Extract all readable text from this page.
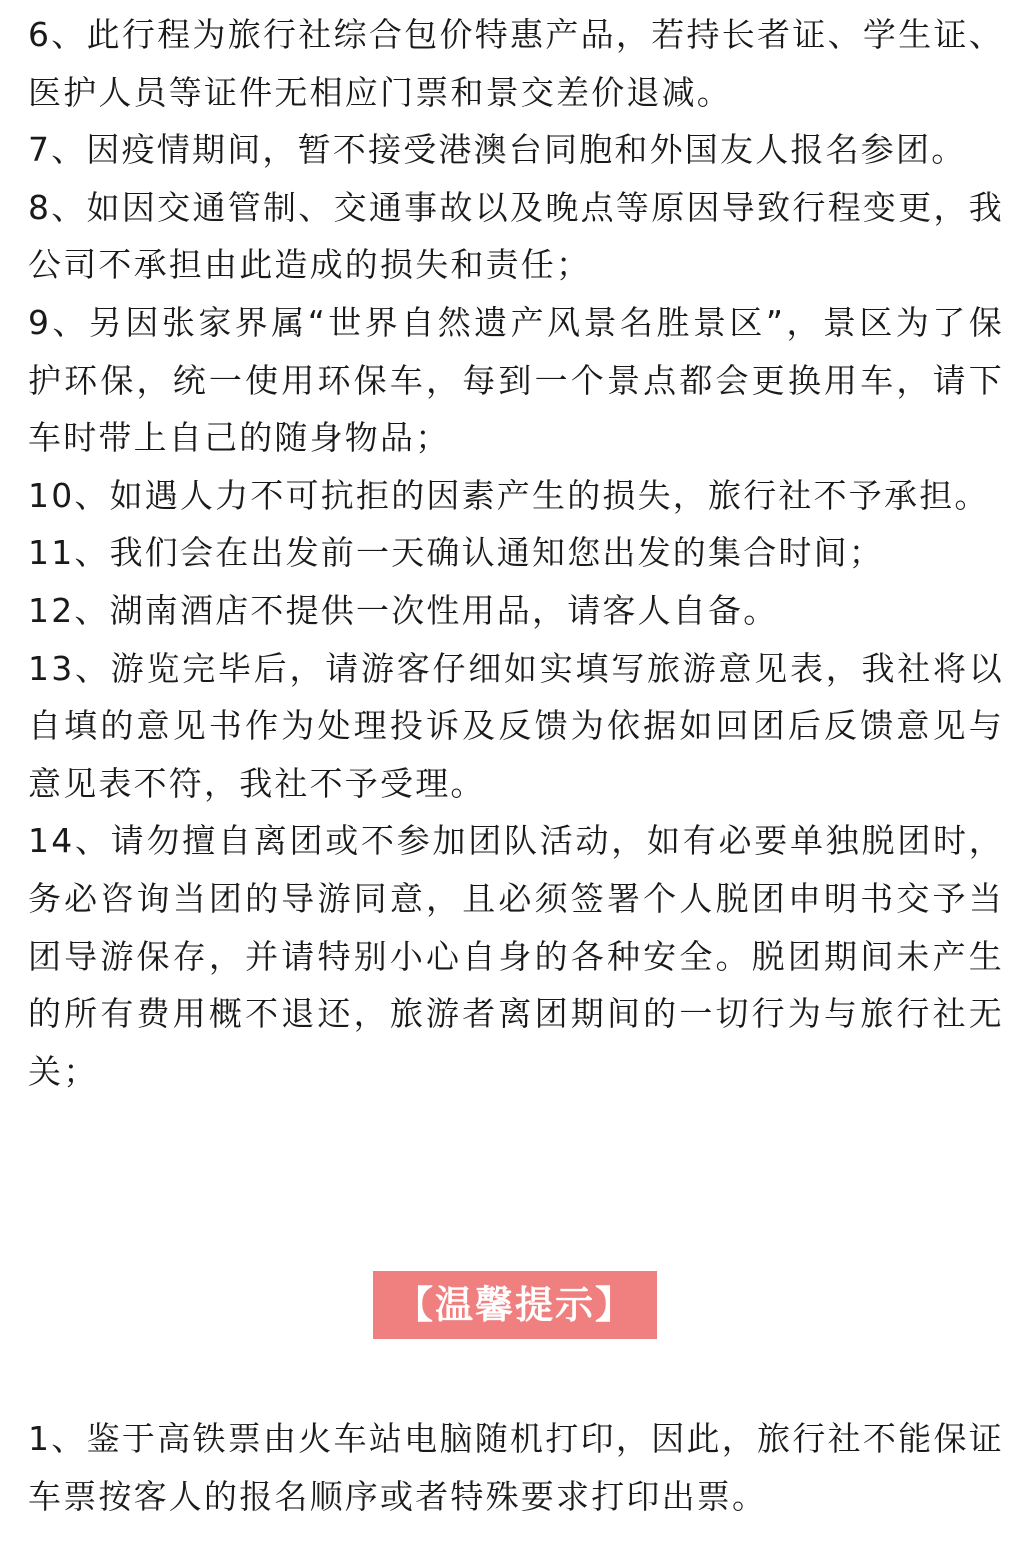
6、此行程为旅行社综合包价特惠产品，若持长者证、学生证、医护人员等证件无相应门票和景交差价退减。

7、因疫情期间，暂不接受港澳台同胞和外国友人报名参团。

8、如因交通管制、交通事故以及晚点等原因导致行程变更，我公司不承担由此造成的损失和责任；

9、另因张家界属“世界自然遗产风景名胜景区”，景区为了保护环保，统一使用环保车，每到一个景点都会更换用车，请下车时带上自己的随身物品；

10、如遇人力不可抗拒的因素产生的损失，旅行社不予承担。

11、我们会在出发前一天确认通知您出发的集合时间；

12、湖南酒店不提供一次性用品，请客人自备。

13、游览完毕后，请游客仔细如实填写旅游意见表，我社将以自填的意见书作为处理投诉及反馈为依据如回团后反馈意见与意见表不符，我社不予受理。

14、请勿擅自离团或不参加团队活动，如有必要单独脱团时，务必咨询当团的导游同意，且必须签署个人脱团申明书交予当团导游保存，并请特别小心自身的各种安全。脱团期间未产生的所有费用概不退还，旅游者离团期间的一切行为与旅行社无关；

【温馨提示】

1、鉴于高铁票由火车站电脑随机打印，因此，旅行社不能保证车票按客人的报名顺序或者特殊要求打印出票。
